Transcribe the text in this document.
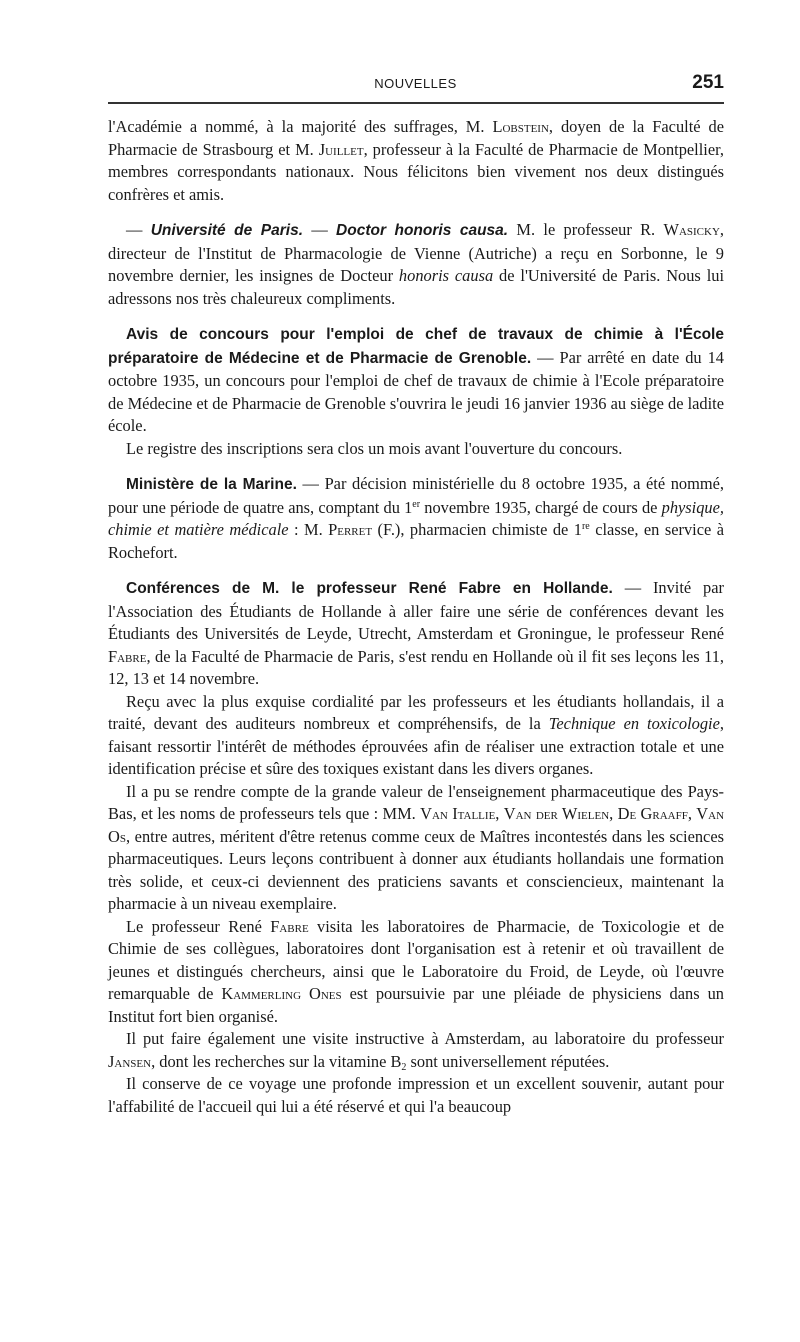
NOUVELLES	251

l'Académie a nommé, à la majorité des suffrages, M. Lobstein, doyen de la Faculté de Pharmacie de Strasbourg et M. Juillet, professeur à la Faculté de Pharmacie de Montpellier, membres correspondants nationaux. Nous félicitons bien vivement nos deux distingués confrères et amis.

— Université de Paris. — Doctor honoris causa. M. le professeur R. Wasicky, directeur de l'Institut de Pharmacologie de Vienne (Autriche) a reçu en Sorbonne, le 9 novembre dernier, les insignes de Docteur honoris causa de l'Université de Paris. Nous lui adressons nos très chaleureux compliments.

Avis de concours pour l'emploi de chef de travaux de chimie à l'École préparatoire de Médecine et de Pharmacie de Grenoble. — Par arrêté en date du 14 octobre 1935, un concours pour l'emploi de chef de travaux de chimie à l'Ecole préparatoire de Médecine et de Pharmacie de Grenoble s'ouvrira le jeudi 16 janvier 1936 au siège de ladite école.

Le registre des inscriptions sera clos un mois avant l'ouverture du concours.

Ministère de la Marine. — Par décision ministérielle du 8 octobre 1935, a été nommé, pour une période de quatre ans, comptant du 1er novembre 1935, chargé de cours de physique, chimie et matière médicale : M. Perret (F.), pharmacien chimiste de 1re classe, en service à Rochefort.

Conférences de M. le professeur René Fabre en Hollande. — Invité par l'Association des Étudiants de Hollande à aller faire une série de conférences devant les Étudiants des Universités de Leyde, Utrecht, Amsterdam et Groningue, le professeur René Fabre, de la Faculté de Pharmacie de Paris, s'est rendu en Hollande où il fit ses leçons les 11, 12, 13 et 14 novembre.

Reçu avec la plus exquise cordialité par les professeurs et les étudiants hollandais, il a traité, devant des auditeurs nombreux et compréhensifs, de la Technique en toxicologie, faisant ressortir l'intérêt de méthodes éprouvées afin de réaliser une extraction totale et une identification précise et sûre des toxiques existant dans les divers organes.

Il a pu se rendre compte de la grande valeur de l'enseignement pharmaceutique des Pays-Bas, et les noms de professeurs tels que : MM. Van Itallie, Van der Wielen, De Graaff, Van Os, entre autres, méritent d'être retenus comme ceux de Maîtres incontestés dans les sciences pharmaceutiques. Leurs leçons contribuent à donner aux étudiants hollandais une formation très solide, et ceux-ci deviennent des praticiens savants et consciencieux, maintenant la pharmacie à un niveau exemplaire.

Le professeur René Fabre visita les laboratoires de Pharmacie, de Toxicologie et de Chimie de ses collègues, laboratoires dont l'organisation est à retenir et où travaillent de jeunes et distingués chercheurs, ainsi que le Laboratoire du Froid, de Leyde, où l'œuvre remarquable de Kammerling Ones est poursuivie par une pléiade de physiciens dans un Institut fort bien organisé.

Il put faire également une visite instructive à Amsterdam, au laboratoire du professeur Jansen, dont les recherches sur la vitamine $B_2$ sont universellement réputées.

Il conserve de ce voyage une profonde impression et un excellent souvenir, autant pour l'affabilité de l'accueil qui lui a été réservé et qui l'a beaucoup
